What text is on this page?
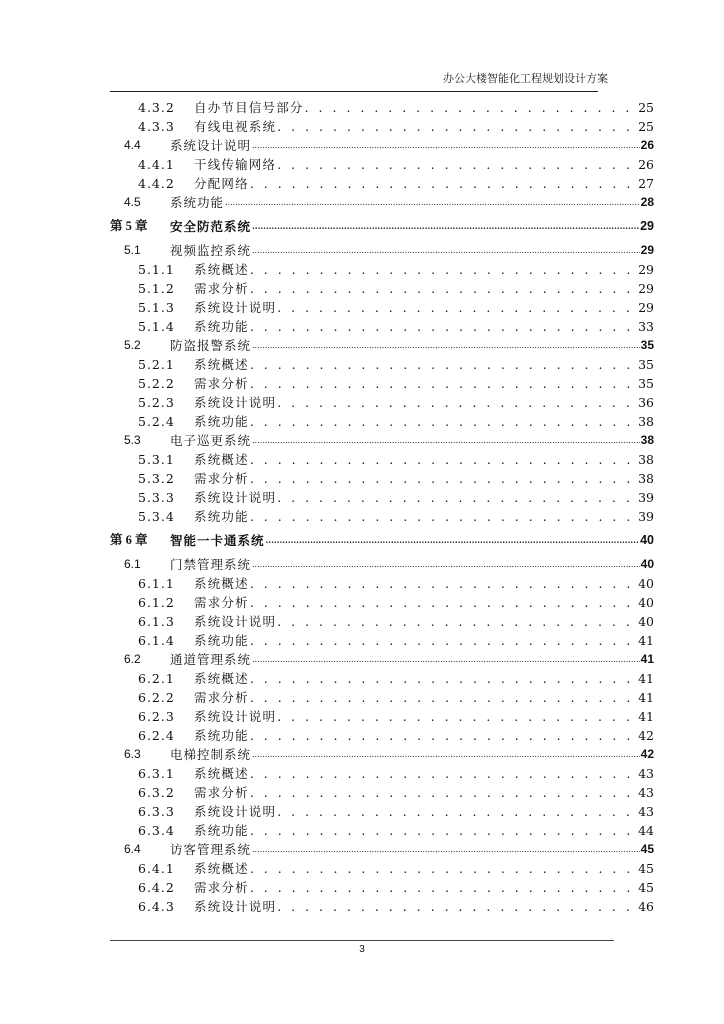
办公大楼智能化工程规划设计方案
4.3.2	自办节目信号部分 . . .	25
4.3.3	有线电视系统 . . .	25
4.4	系统设计说明 .....	26
4.4.1	干线传输网络 . . .	26
4.4.2	分配网络 . . .	27
4.5	系统功能 .....	28
第 5 章	安全防范系统 .....	29
5.1	视频监控系统 .....	29
5.1.1	系统概述 . . .	29
5.1.2	需求分析 . . .	29
5.1.3	系统设计说明 . . .	29
5.1.4	系统功能 . . .	33
5.2	防盗报警系统 .....	35
5.2.1	系统概述 . . .	35
5.2.2	需求分析 . . .	35
5.2.3	系统设计说明 . . .	36
5.2.4	系统功能 . . .	38
5.3	电子巡更系统 .....	38
5.3.1	系统概述 . . .	38
5.3.2	需求分析 . . .	38
5.3.3	系统设计说明 . . .	39
5.3.4	系统功能 . . .	39
第 6 章	智能一卡通系统 .....	40
6.1	门禁管理系统 .....	40
6.1.1	系统概述 . . .	40
6.1.2	需求分析 . . .	40
6.1.3	系统设计说明 . . .	40
6.1.4	系统功能 . . .	41
6.2	通道管理系统 .....	41
6.2.1	系统概述 . . .	41
6.2.2	需求分析 . . .	41
6.2.3	系统设计说明 . . .	41
6.2.4	系统功能 . . .	42
6.3	电梯控制系统 .....	42
6.3.1	系统概述 . . .	43
6.3.2	需求分析 . . .	43
6.3.3	系统设计说明 . . .	43
6.3.4	系统功能 . . .	44
6.4	访客管理系统 .....	45
6.4.1	系统概述 . . .	45
6.4.2	需求分析 . . .	45
6.4.3	系统设计说明 . . .	46
3
